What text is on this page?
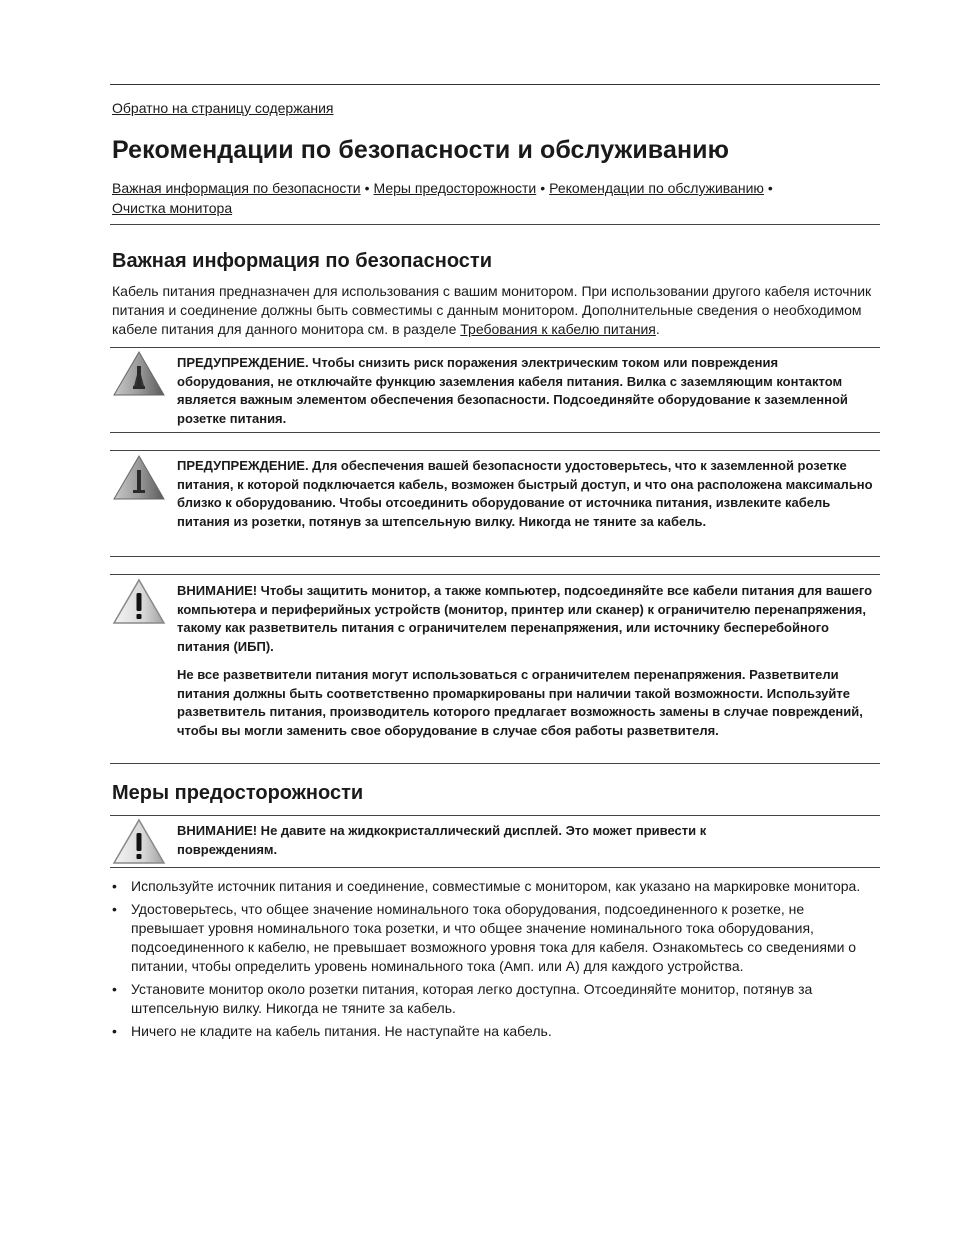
Обратно на страницу содержания
Рекомендации по безопасности и обслуживанию
Важная информация по безопасности • Меры предосторожности • Рекомендации по обслуживанию •
Очистка монитора
Важная информация по безопасности

Кабель питания предназначен для использования с вашим монитором. При использовании другого кабеля источник питания и соединение должны быть совместимы с данным монитором. Дополнительные сведения о необходимом кабеле питания для данного монитора см. в разделе Требования к кабелю питания.

ПРЕДУПРЕЖДЕНИЕ. Чтобы снизить риск поражения электрическим током или повреждения оборудования, не отключайте функцию заземления кабеля питания. Вилка с заземляющим контактом является важным элементом обеспечения безопасности. Подсоединяйте оборудование к заземленной розетке питания.

ПРЕДУПРЕЖДЕНИЕ. Для обеспечения вашей безопасности удостоверьтесь, что к заземленной розетке питания, к которой подключается кабель, возможен быстрый доступ, и что она расположена максимально близко к оборудованию. Чтобы отсоединить оборудование от источника питания, извлеките кабель питания из розетки, потянув за штепсельную вилку. Никогда не тяните за кабель.

ВНИМАНИЕ! Чтобы защитить монитор, а также компьютер, подсоединяйте все кабели питания для вашего компьютера и периферийных устройств (монитор, принтер или сканер) к ограничителю перенапряжения, такому как разветвитель питания с ограничителем перенапряжения, или источнику бесперебойного питания (ИБП).

Не все разветвители питания могут использоваться с ограничителем перенапряжения. Разветвители питания должны быть соответственно промаркированы при наличии такой возможности. Используйте разветвитель питания, производитель которого предлагает возможность замены в случае повреждений, чтобы вы могли заменить свое оборудование в случае сбоя работы разветвителя.

Меры предосторожности

ВНИМАНИЕ! Не давите на жидкокристаллический дисплей. Это может привести к повреждениям.

• Используйте источник питания и соединение, совместимые с монитором, как указано на маркировке монитора.
• Удостоверьтесь, что общее значение номинального тока оборудования, подсоединенного к розетке, не превышает уровня номинального тока розетки, и что общее значение номинального тока оборудования, подсоединенного к кабелю, не превышает возможного уровня тока для кабеля. Ознакомьтесь со сведениями о питании, чтобы определить уровень номинального тока (Амп. или А) для каждого устройства.
• Установите монитор около розетки питания, которая легко доступна. Отсоединяйте монитор, потянув за штепсельную вилку. Никогда не тяните за кабель.
• Ничего не кладите на кабель питания. Не наступайте на кабель.
